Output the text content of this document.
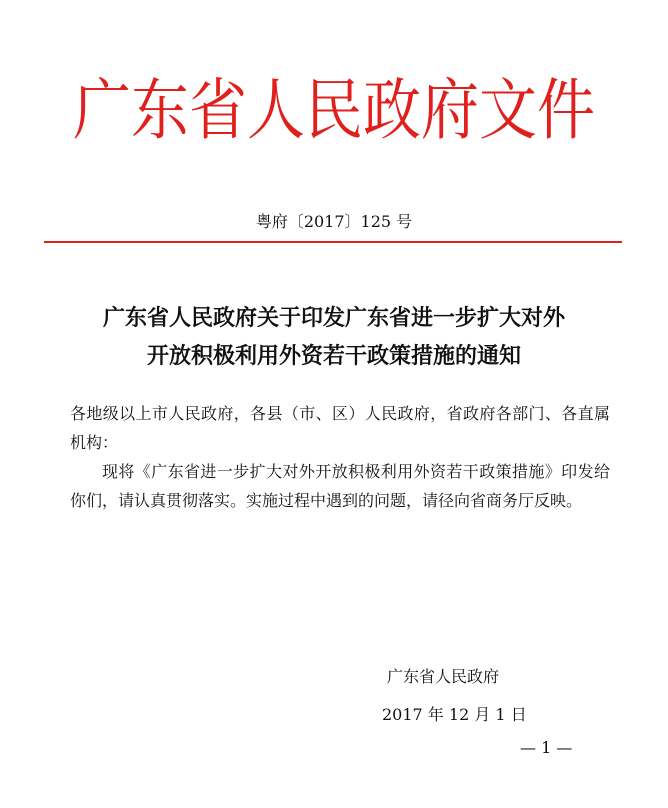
广东省人民政府文件
粤府〔2017〕125 号
广东省人民政府关于印发广东省进一步扩大对外
开放积极利用外资若干政策措施的通知

各地级以上市人民政府，各县（市、区）人民政府，省政府各部门、各直属机构：

现将《广东省进一步扩大对外开放积极利用外资若干政策措施》印发给你们，请认真贯彻落实。实施过程中遇到的问题，请径向省商务厅反映。

广东省人民政府
2017 年 12 月 1 日
— 1 —
